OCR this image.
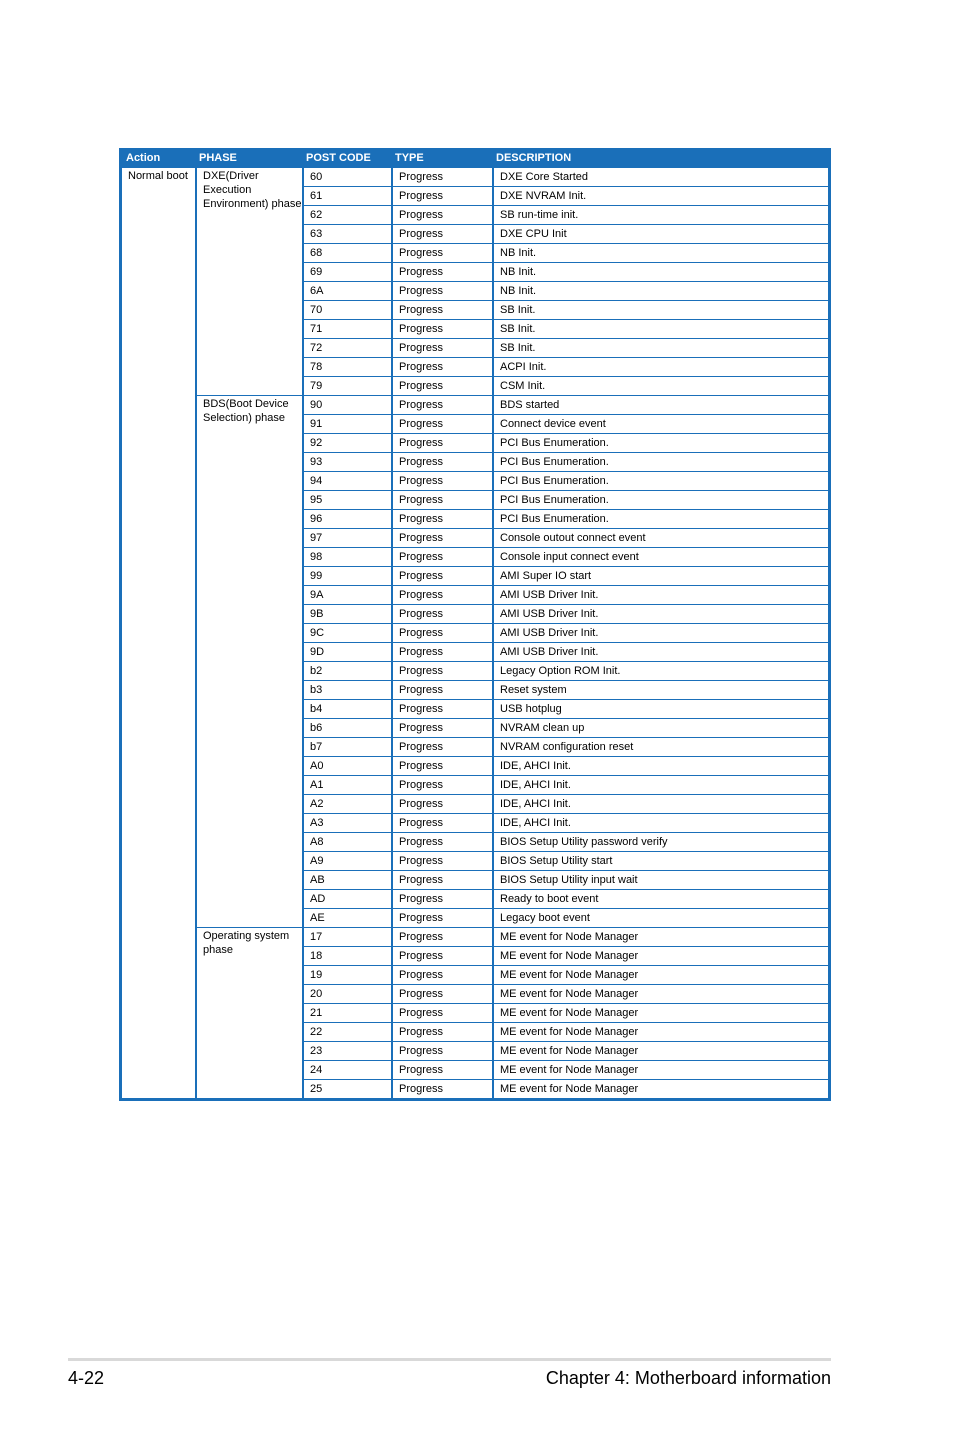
Action	PHASE	POST CODE	TYPE	DESCRIPTION
Normal boot	DXE(Driver Execution Environment) phase	60	Progress	DXE Core Started
		61	Progress	DXE NVRAM Init.
		62	Progress	SB run-time init.
		63	Progress	DXE CPU Init
		68	Progress	NB Init.
		69	Progress	NB Init.
		6A	Progress	NB Init.
		70	Progress	SB Init.
		71	Progress	SB Init.
		72	Progress	SB Init.
		78	Progress	ACPI Init.
		79	Progress	CSM Init.
	BDS(Boot Device Selection) phase	90	Progress	BDS started
		91	Progress	Connect device event
		92	Progress	PCI Bus Enumeration.
		93	Progress	PCI Bus Enumeration.
		94	Progress	PCI Bus Enumeration.
		95	Progress	PCI Bus Enumeration.
		96	Progress	PCI Bus Enumeration.
		97	Progress	Console outout connect event
		98	Progress	Console input connect event
		99	Progress	AMI Super IO start
		9A	Progress	AMI USB Driver Init.
		9B	Progress	AMI USB Driver Init.
		9C	Progress	AMI USB Driver Init.
		9D	Progress	AMI USB Driver Init.
		b2	Progress	Legacy Option ROM Init.
		b3	Progress	Reset system
		b4	Progress	USB hotplug
		b6	Progress	NVRAM clean up
		b7	Progress	NVRAM configuration reset
		A0	Progress	IDE, AHCI Init.
		A1	Progress	IDE, AHCI Init.
		A2	Progress	IDE, AHCI Init.
		A3	Progress	IDE, AHCI Init.
		A8	Progress	BIOS Setup Utility password verify
		A9	Progress	BIOS Setup Utility start
		AB	Progress	BIOS Setup Utility input wait
		AD	Progress	Ready to boot event
		AE	Progress	Legacy boot event
	Operating system phase	17	Progress	ME event for Node Manager
		18	Progress	ME event for Node Manager
		19	Progress	ME event for Node Manager
		20	Progress	ME event for Node Manager
		21	Progress	ME event for Node Manager
		22	Progress	ME event for Node Manager
		23	Progress	ME event for Node Manager
		24	Progress	ME event for Node Manager
		25	Progress	ME event for Node Manager
4-22	Chapter 4: Motherboard information
